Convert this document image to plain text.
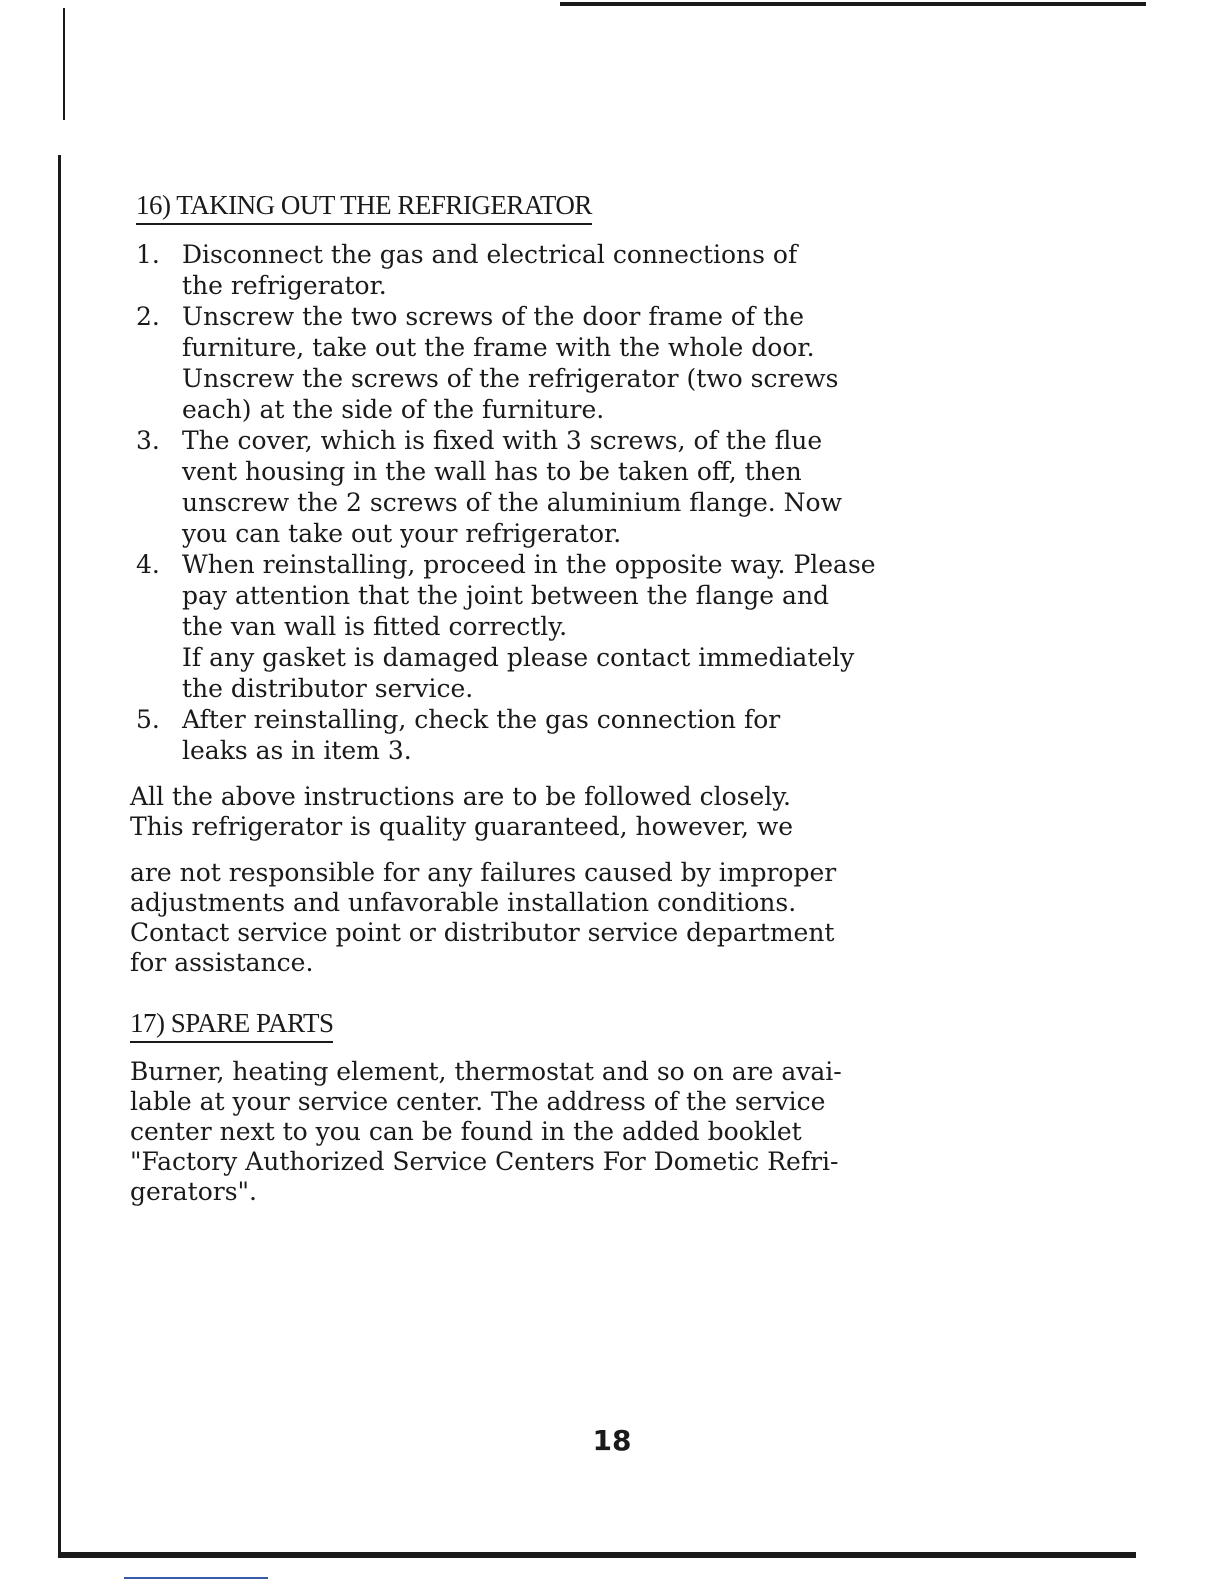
16) TAKING OUT THE REFRIGERATOR
1. Disconnect the gas and electrical connections of
the refrigerator.
2. Unscrew the two screws of the door frame of the
furniture, take out the frame with the whole door.
Unscrew the screws of the refrigerator (two screws
each) at the side of the furniture.
3. The cover, which is fixed with 3 screws, of the flue
vent housing in the wall has to be taken off, then
unscrew the 2 screws of the aluminium flange. Now
you can take out your refrigerator.
4. When reinstalling, proceed in the opposite way. Please
pay attention that the joint between the flange and
the van wall is fitted correctly.
If any gasket is damaged please contact immediately
the distributor service.
5. After reinstalling, check the gas connection for
leaks as in item 3.

All the above instructions are to be followed closely.
This refrigerator is quality guaranteed, however, we

are not responsible for any failures caused by improper
adjustments and unfavorable installation conditions.
Contact service point or distributor service department
for assistance.

17) SPARE PARTS

Burner, heating element, thermostat and so on are avai-
lable at your service center. The address of the service
center next to you can be found in the added booklet
"Factory Authorized Service Centers For Dometic Refri-
gerators".

18
